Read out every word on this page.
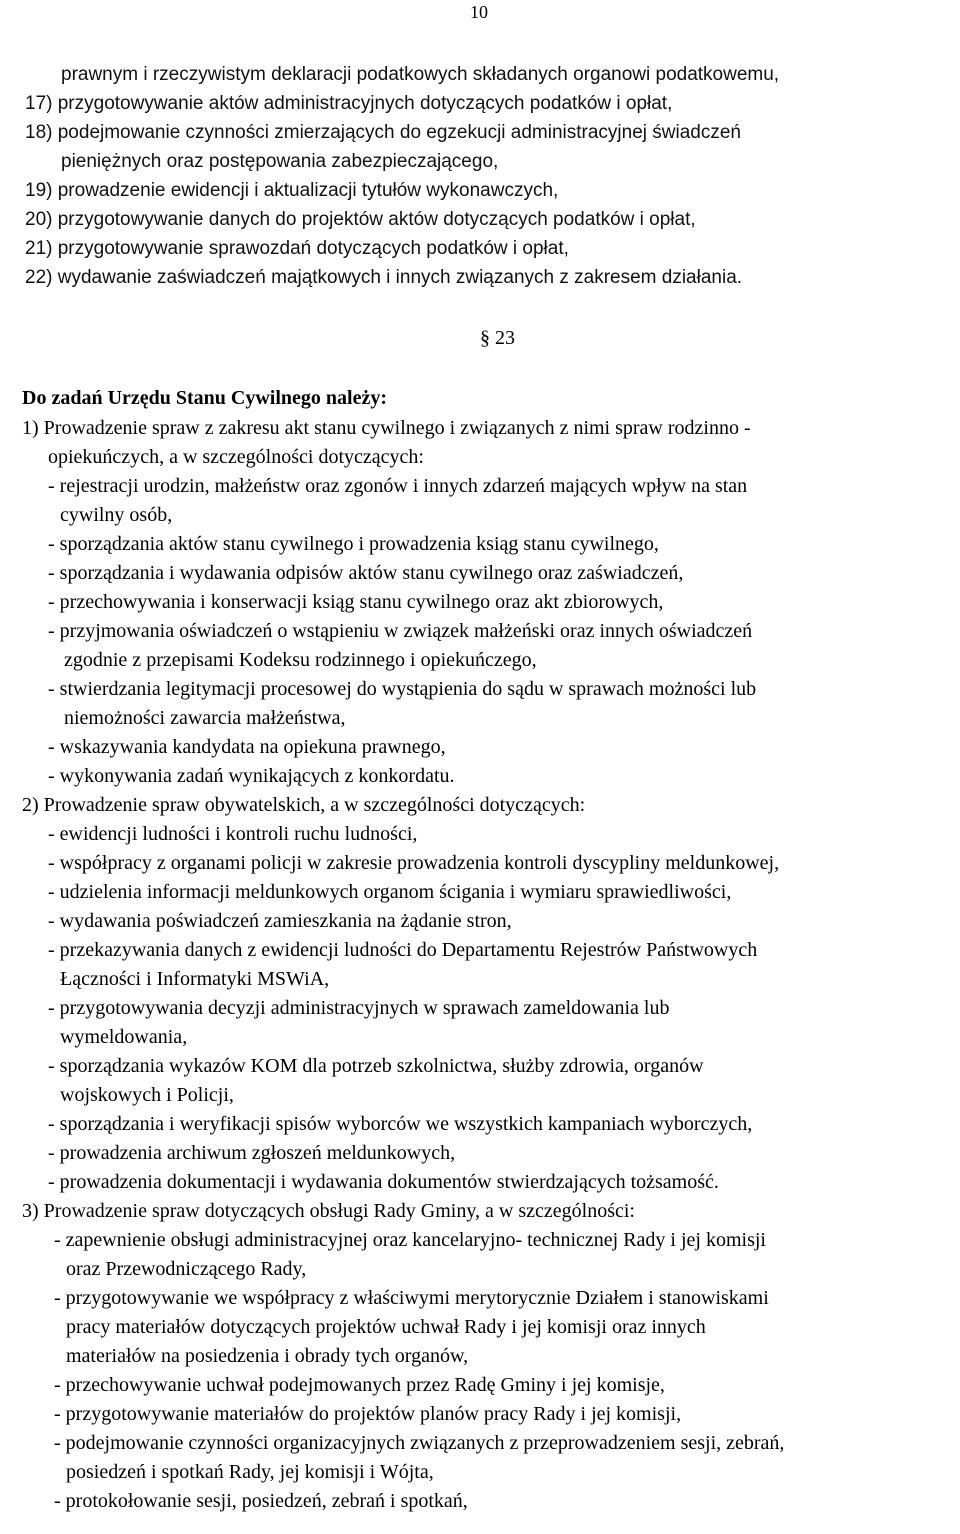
10
prawnym i rzeczywistym deklaracji podatkowych składanych organowi podatkowemu,
17) przygotowywanie aktów administracyjnych dotyczących podatków i opłat,
18) podejmowanie czynności zmierzających do egzekucji administracyjnej świadczeń
pieniężnych oraz postępowania zabezpieczającego,
19) prowadzenie ewidencji i aktualizacji tytułów wykonawczych,
20) przygotowywanie danych do projektów aktów dotyczących podatków i opłat,
21) przygotowywanie sprawozdań dotyczących podatków i opłat,
22) wydawanie zaświadczeń majątkowych i innych związanych z zakresem działania.
§ 23
Do zadań Urzędu Stanu Cywilnego należy:
1) Prowadzenie spraw z zakresu akt stanu cywilnego i związanych z nimi spraw rodzinno -
opiekuńczych, a w szczególności dotyczących:
- rejestracji urodzin, małżeństw oraz zgonów i innych zdarzeń mających wpływ na stan
cywilny osób,
- sporządzania aktów stanu cywilnego i prowadzenia ksiąg stanu cywilnego,
- sporządzania i wydawania odpisów aktów stanu cywilnego oraz zaświadczeń,
- przechowywania i konserwacji ksiąg stanu cywilnego oraz akt zbiorowych,
- przyjmowania oświadczeń o wstąpieniu w związek małżeński oraz innych oświadczeń
zgodnie z przepisami Kodeksu rodzinnego i opiekuńczego,
- stwierdzania legitymacji procesowej do wystąpienia do sądu w sprawach możności lub
niemożności zawarcia małżeństwa,
- wskazywania kandydata na opiekuna prawnego,
- wykonywania zadań wynikających z konkordatu.
2) Prowadzenie spraw obywatelskich, a w szczególności dotyczących:
- ewidencji ludności i kontroli ruchu ludności,
- współpracy z organami policji w zakresie prowadzenia kontroli dyscypliny meldunkowej,
- udzielenia informacji meldunkowych organom ścigania i wymiaru sprawiedliwości,
- wydawania poświadczeń zamieszkania na żądanie stron,
- przekazywania danych z ewidencji ludności do Departamentu Rejestrów Państwowych
Łączności i Informatyki MSWiA,
- przygotowywania decyzji administracyjnych w sprawach zameldowania lub
wymeldowania,
- sporządzania wykazów KOM dla potrzeb szkolnictwa, służby zdrowia, organów
wojskowych i Policji,
- sporządzania i weryfikacji spisów wyborców we wszystkich kampaniach wyborczych,
- prowadzenia archiwum zgłoszeń meldunkowych,
- prowadzenia dokumentacji i wydawania dokumentów stwierdzających tożsamość.
3) Prowadzenie spraw dotyczących obsługi Rady Gminy, a w szczególności:
- zapewnienie obsługi administracyjnej oraz kancelaryjno- technicznej Rady i jej komisji
oraz Przewodniczącego Rady,
- przygotowywanie we współpracy z właściwymi merytorycznie Działem i stanowiskami
pracy materiałów dotyczących projektów uchwał Rady i jej komisji oraz innych
materiałów na posiedzenia i obrady tych organów,
- przechowywanie uchwał podejmowanych przez Radę Gminy i jej komisje,
- przygotowywanie materiałów do projektów planów pracy Rady i jej komisji,
- podejmowanie czynności organizacyjnych związanych z przeprowadzeniem sesji, zebrań,
posiedzeń i spotkań Rady, jej komisji i Wójta,
- protokołowanie sesji, posiedzeń, zebrań i spotkań,
